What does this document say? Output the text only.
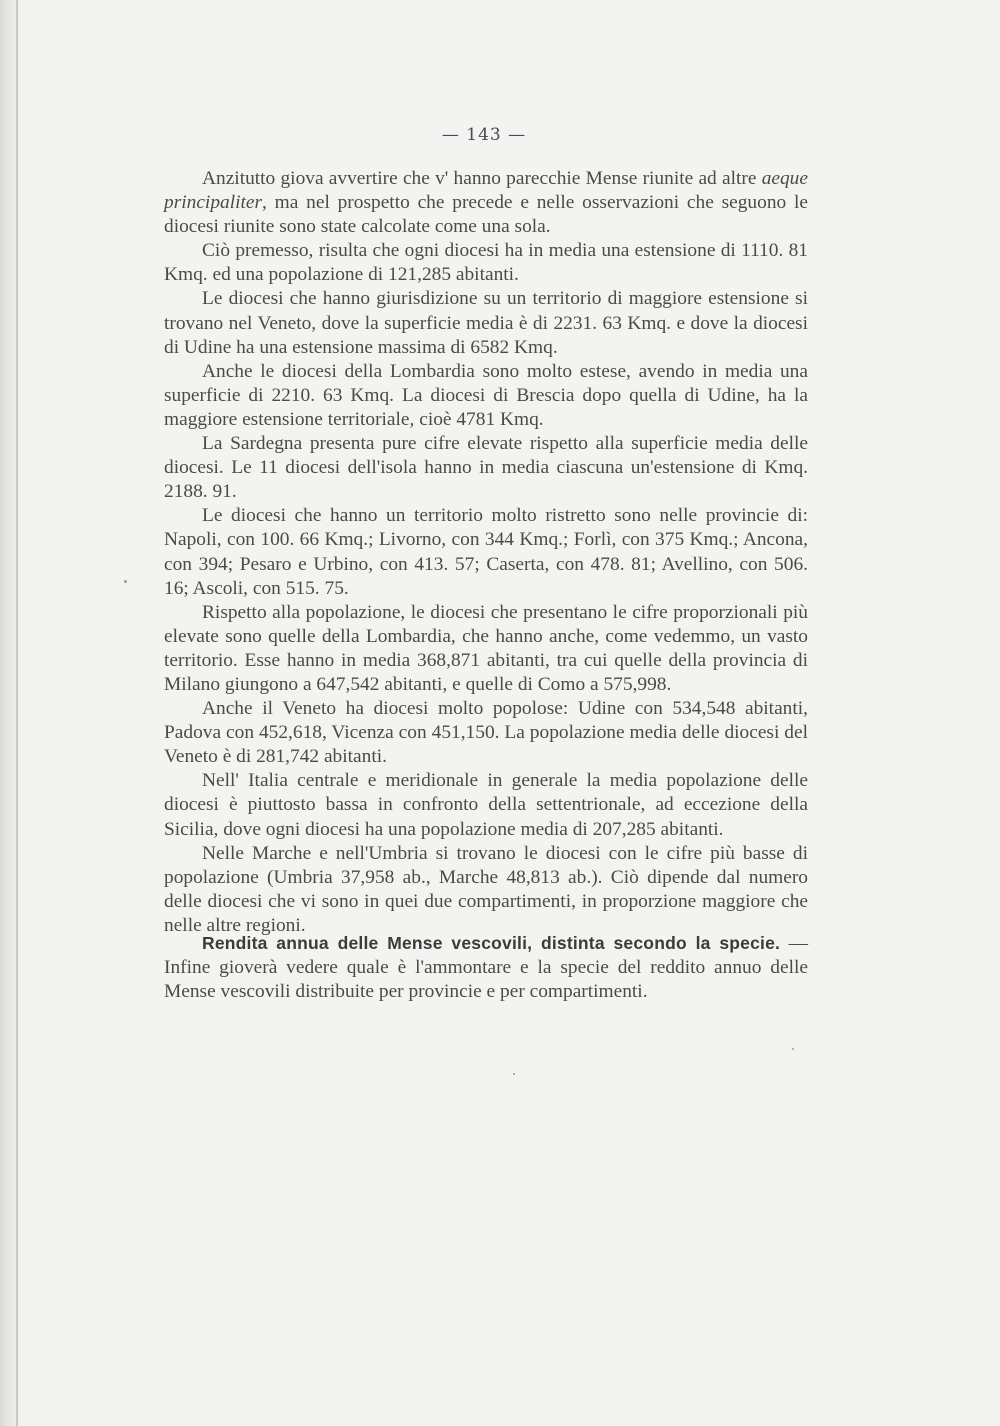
— 143 —

Anzitutto giova avvertire che v' hanno parecchie Mense riunite ad altre aeque principaliter, ma nel prospetto che precede e nelle osservazioni che seguono le diocesi riunite sono state calcolate come una sola.

Ciò premesso, risulta che ogni diocesi ha in media una estensione di 1110. 81 Kmq. ed una popolazione di 121,285 abitanti.

Le diocesi che hanno giurisdizione su un territorio di maggiore estensione si trovano nel Veneto, dove la superficie media è di 2231. 63 Kmq. e dove la diocesi di Udine ha una estensione massima di 6582 Kmq.

Anche le diocesi della Lombardia sono molto estese, avendo in media una superficie di 2210. 63 Kmq. La diocesi di Brescia dopo quella di Udine, ha la maggiore estensione territoriale, cioè 4781 Kmq.

La Sardegna presenta pure cifre elevate rispetto alla superficie media delle diocesi. Le 11 diocesi dell'isola hanno in media ciascuna un'estensione di Kmq. 2188. 91.

Le diocesi che hanno un territorio molto ristretto sono nelle provincie di: Napoli, con 100. 66 Kmq.; Livorno, con 344 Kmq.; Forlì, con 375 Kmq.; Ancona, con 394; Pesaro e Urbino, con 413. 57; Caserta, con 478. 81; Avellino, con 506. 16; Ascoli, con 515. 75.

Rispetto alla popolazione, le diocesi che presentano le cifre proporzionali più elevate sono quelle della Lombardia, che hanno anche, come vedemmo, un vasto territorio. Esse hanno in media 368,871 abitanti, tra cui quelle della provincia di Milano giungono a 647,542 abitanti, e quelle di Como a 575,998.

Anche il Veneto ha diocesi molto popolose: Udine con 534,548 abitanti, Padova con 452,618, Vicenza con 451,150. La popolazione media delle diocesi del Veneto è di 281,742 abitanti.

Nell' Italia centrale e meridionale in generale la media popolazione delle diocesi è piuttosto bassa in confronto della settentrionale, ad eccezione della Sicilia, dove ogni diocesi ha una popolazione media di 207,285 abitanti.

Nelle Marche e nell'Umbria si trovano le diocesi con le cifre più basse di popolazione (Umbria 37,958 ab., Marche 48,813 ab.). Ciò dipende dal numero delle diocesi che vi sono in quei due compartimenti, in proporzione maggiore che nelle altre regioni.

Rendita annua delle Mense vescovili, distinta secondo la specie. — Infine gioverà vedere quale è l'ammontare e la specie del reddito annuo delle Mense vescovili distribuite per provincie e per compartimenti.
